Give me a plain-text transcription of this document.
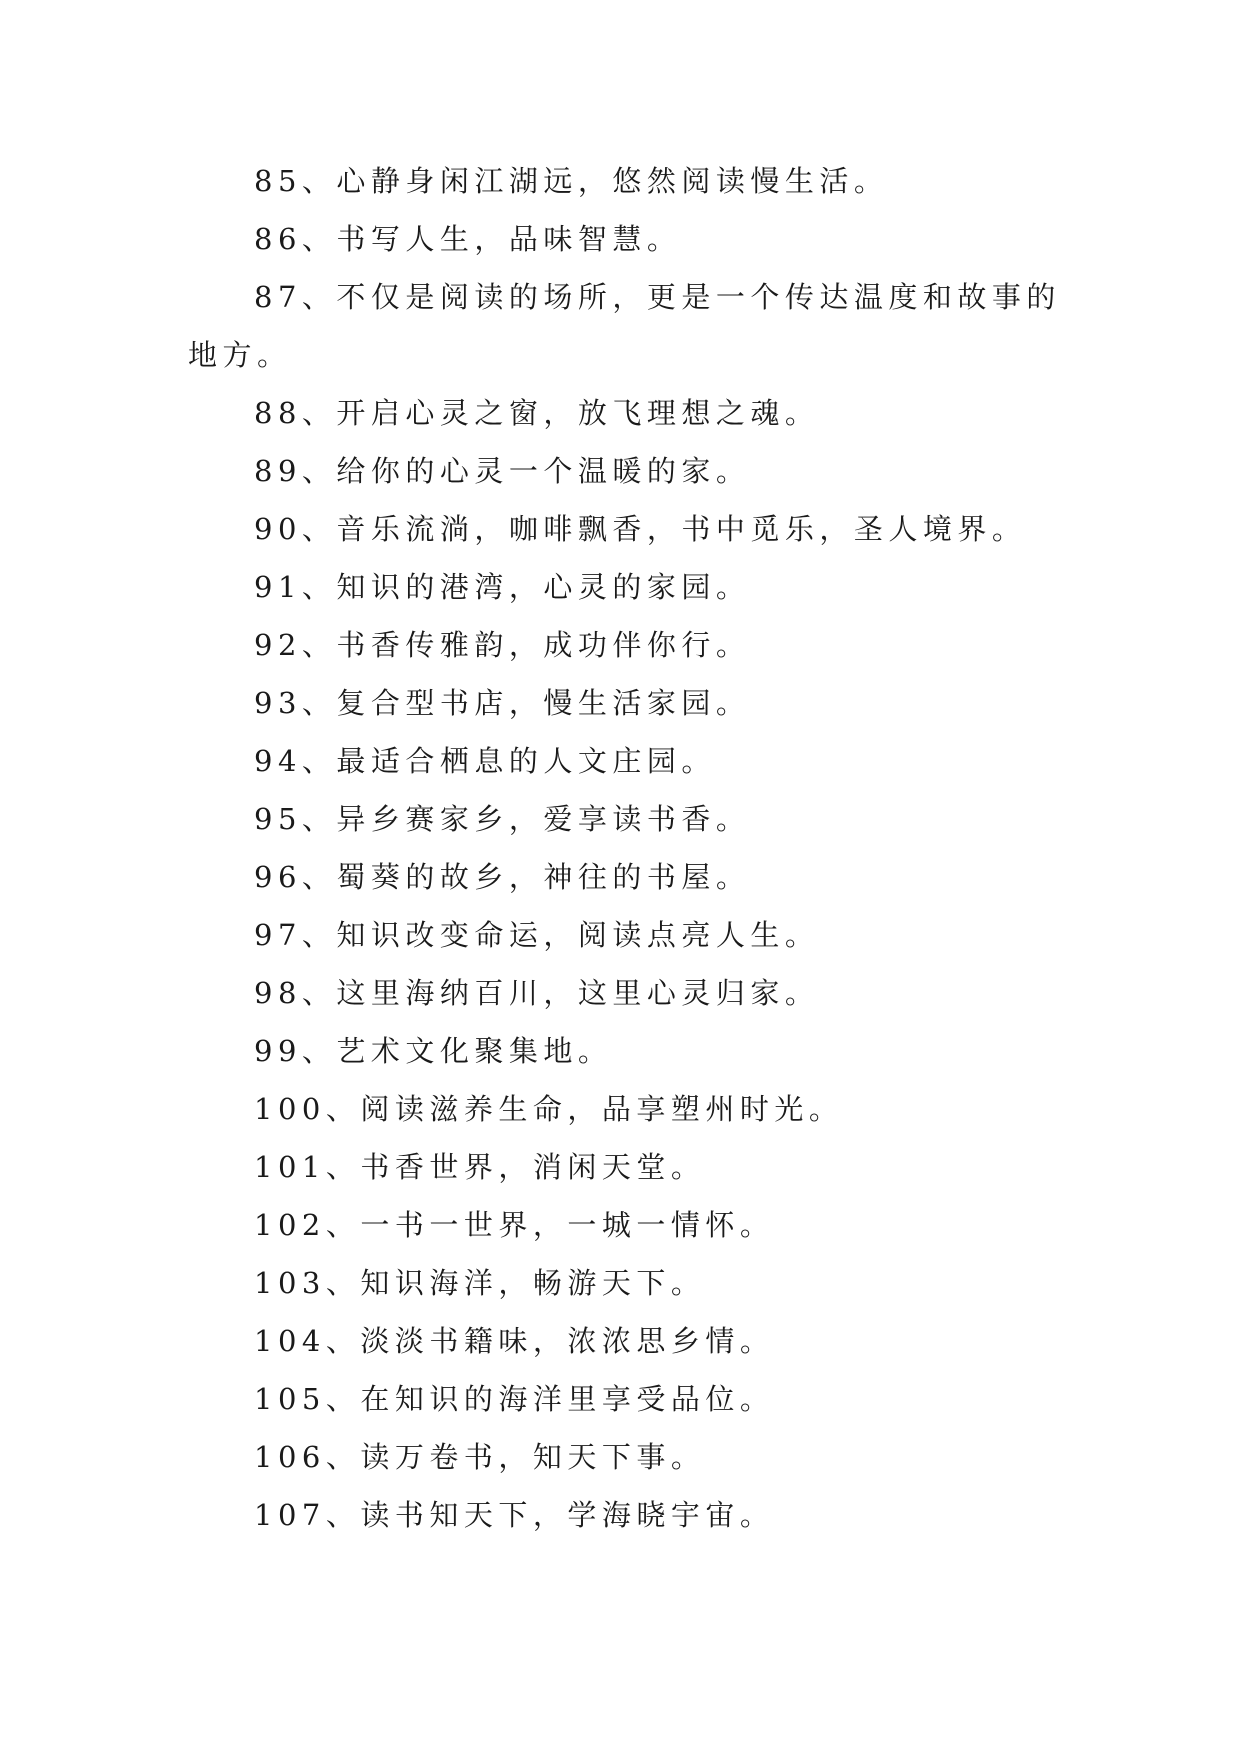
85、心静身闲江湖远，悠然阅读慢生活。

86、书写人生，品味智慧。

87、不仅是阅读的场所，更是一个传达温度和故事的地方。

88、开启心灵之窗，放飞理想之魂。

89、给你的心灵一个温暖的家。

90、音乐流淌，咖啡飘香，书中觅乐，圣人境界。

91、知识的港湾，心灵的家园。

92、书香传雅韵，成功伴你行。

93、复合型书店，慢生活家园。

94、最适合栖息的人文庄园。

95、异乡赛家乡，爱享读书香。

96、蜀葵的故乡，神往的书屋。

97、知识改变命运，阅读点亮人生。

98、这里海纳百川，这里心灵归家。

99、艺术文化聚集地。

100、阅读滋养生命，品享塑州时光。

101、书香世界，消闲天堂。

102、一书一世界，一城一情怀。

103、知识海洋，畅游天下。

104、淡淡书籍味，浓浓思乡情。

105、在知识的海洋里享受品位。

106、读万卷书，知天下事。

107、读书知天下，学海晓宇宙。
